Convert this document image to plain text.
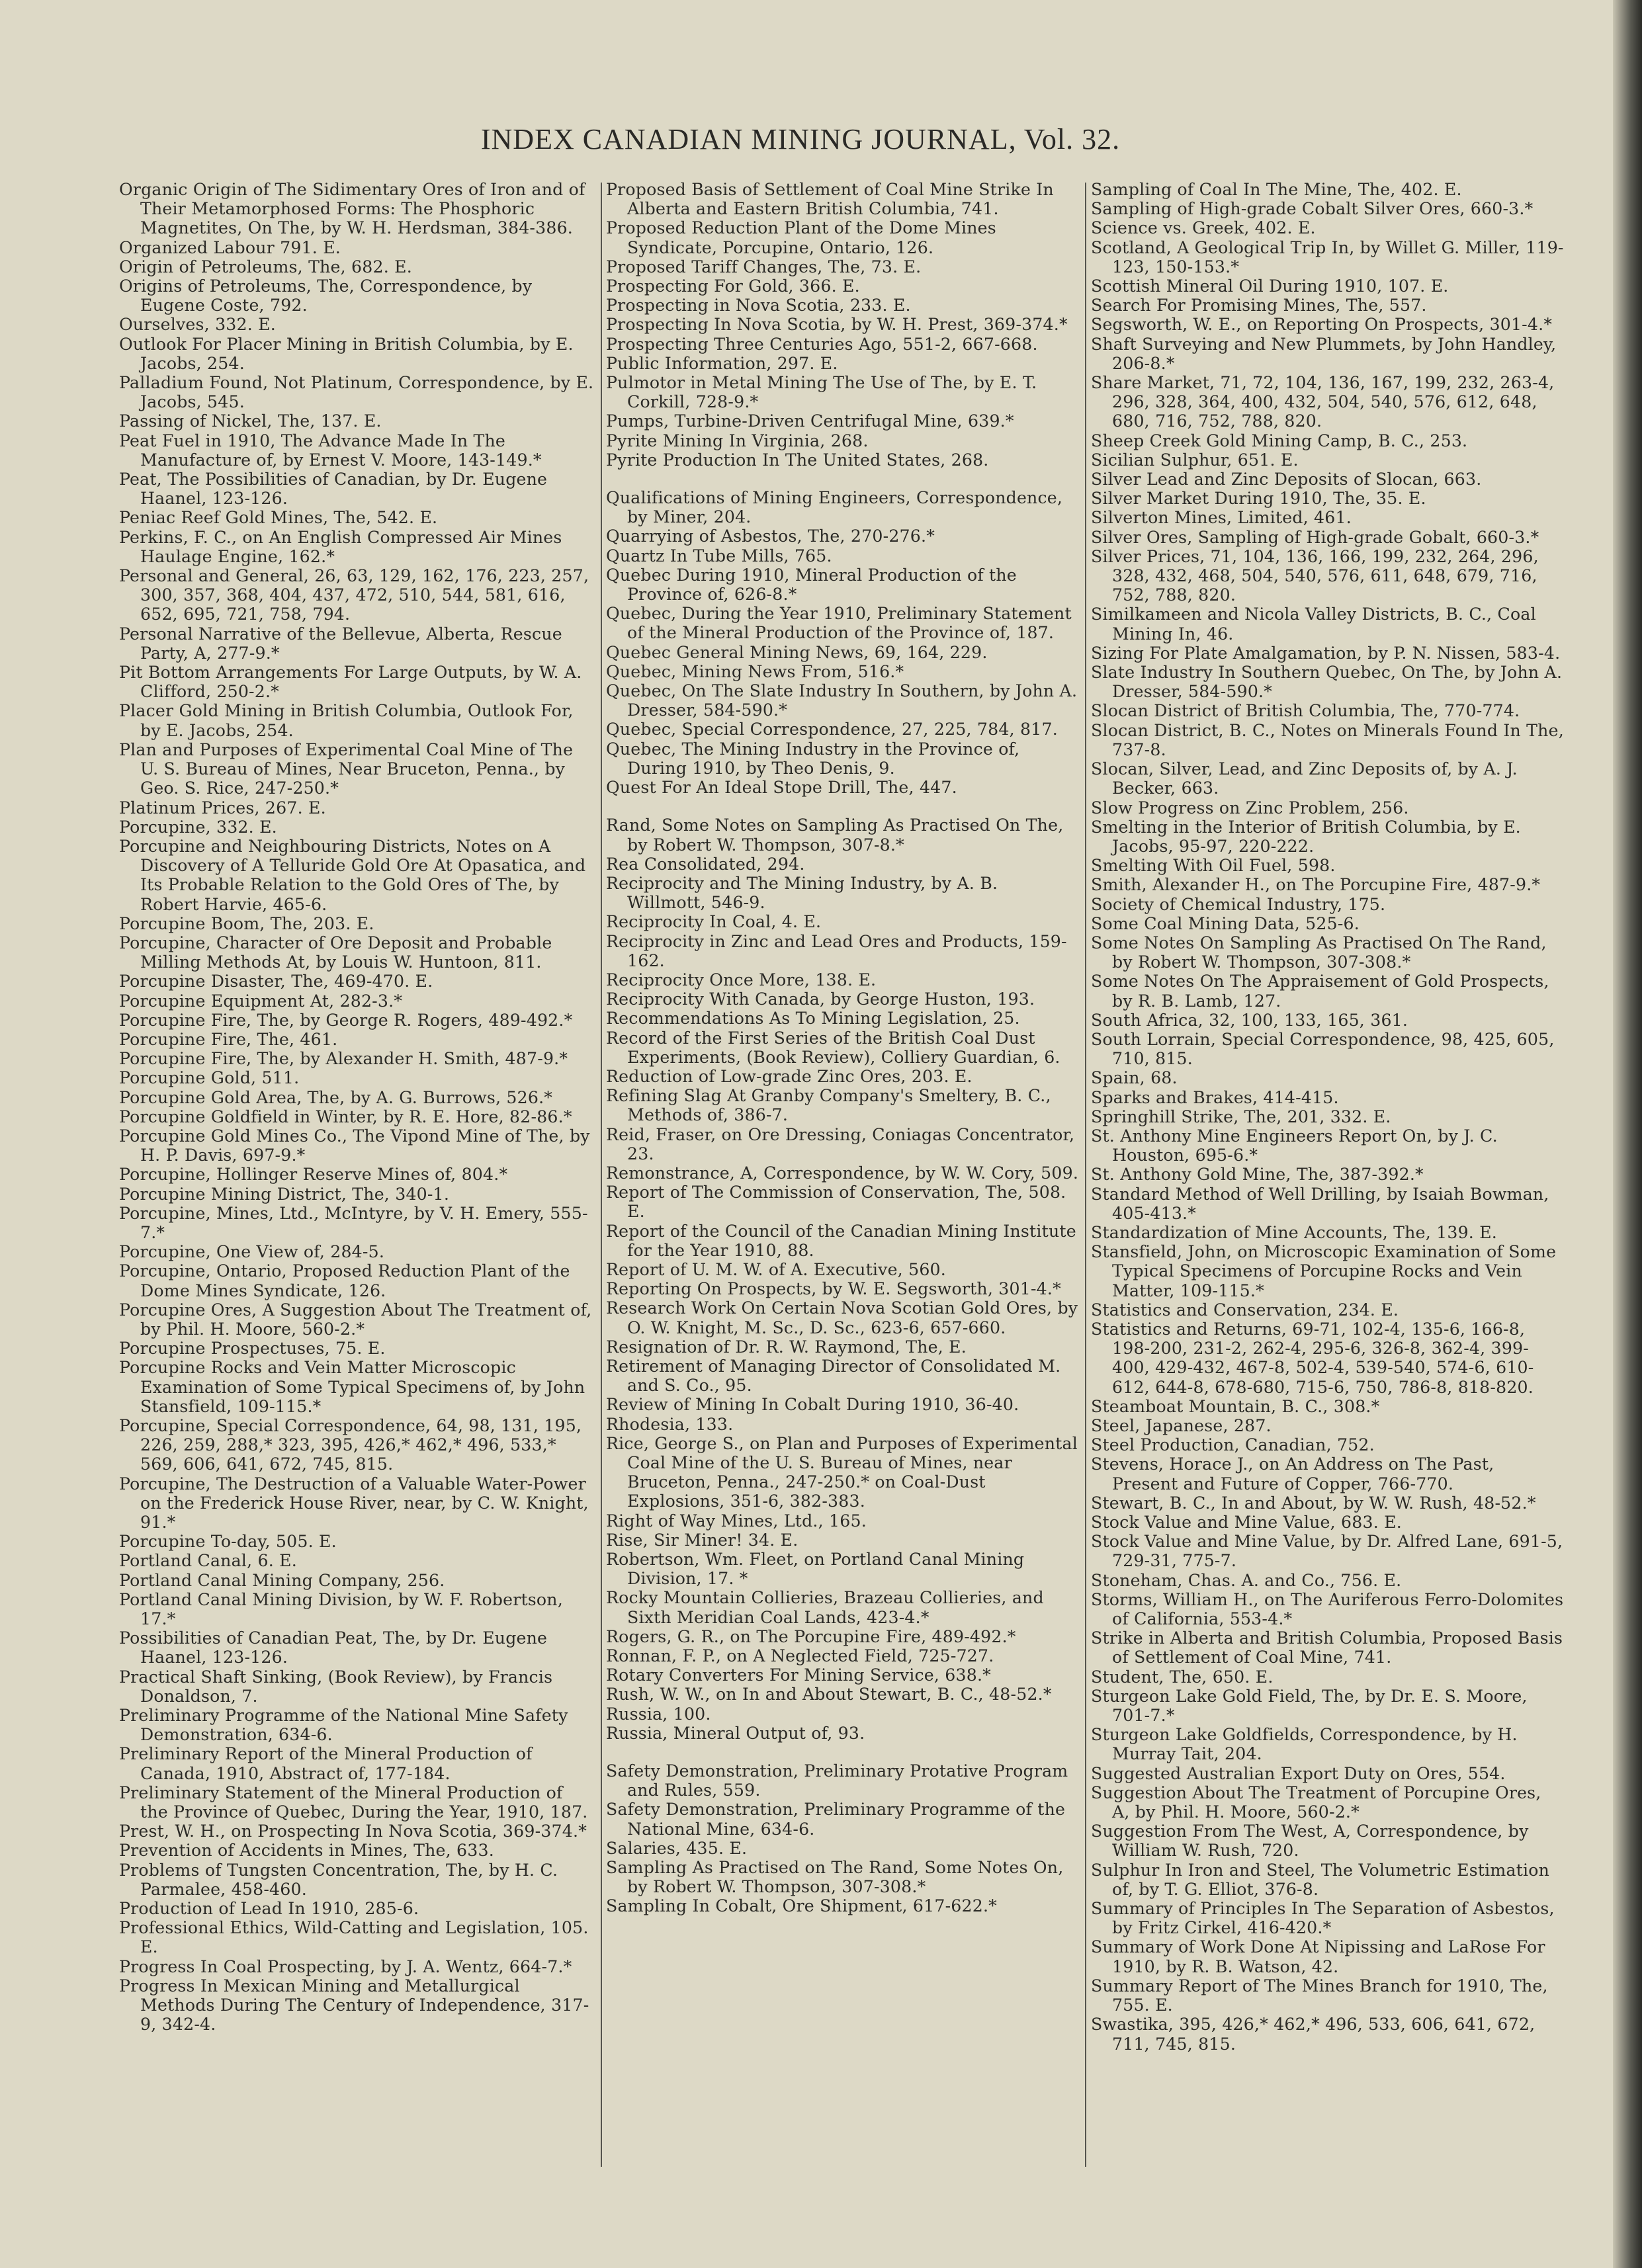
INDEX CANADIAN MINING JOURNAL, Vol. 32.

Organic Origin of The Sidimentary Ores of Iron and of Their Metamorphosed Forms: The Phosphoric Magnetites, On The, by W. H. Herdsman, 384-386.

Organized Labour 791. E.

Origin of Petroleums, The, 682. E.

Origins of Petroleums, The, Correspondence, by Eugene Coste, 792.

Ourselves, 332. E.

Outlook For Placer Mining in British Columbia, by E. Jacobs, 254.

Palladium Found, Not Platinum, Correspondence, by E. Jacobs, 545.

Passing of Nickel, The, 137. E.

Peat Fuel in 1910, The Advance Made In The Manufacture of, by Ernest V. Moore, 143-149.*

Peat, The Possibilities of Canadian, by Dr. Eugene Haanel, 123-126.

Peniac Reef Gold Mines, The, 542. E.

Perkins, F. C., on An English Compressed Air Mines Haulage Engine, 162.*

Personal and General, 26, 63, 129, 162, 176, 223, 257, 300, 357, 368, 404, 437, 472, 510, 544, 581, 616, 652, 695, 721, 758, 794.

Personal Narrative of the Bellevue, Alberta, Rescue Party, A, 277-9.*

Pit Bottom Arrangements For Large Outputs, by W. A. Clifford, 250-2.*

Placer Gold Mining in British Columbia, Outlook For, by E. Jacobs, 254.

Plan and Purposes of Experimental Coal Mine of The U. S. Bureau of Mines, Near Bruceton, Penna., by Geo. S. Rice, 247-250.*

Platinum Prices, 267. E.

Porcupine, 332. E.

Porcupine and Neighbouring Districts, Notes on A Discovery of A Telluride Gold Ore At Opasatica, and Its Probable Relation to the Gold Ores of The, by Robert Harvie, 465-6.

Porcupine Boom, The, 203. E.

Porcupine, Character of Ore Deposit and Probable Milling Methods At, by Louis W. Huntoon, 811.

Porcupine Disaster, The, 469-470. E.

Porcupine Equipment At, 282-3.*

Porcupine Fire, The, by George R. Rogers, 489-492.*

Porcupine Fire, The, 461.

Porcupine Fire, The, by Alexander H. Smith, 487-9.*

Porcupine Gold, 511.

Porcupine Gold Area, The, by A. G. Burrows, 526.*

Porcupine Goldfield in Winter, by R. E. Hore, 82-86.*

Porcupine Gold Mines Co., The Vipond Mine of The, by H. P. Davis, 697-9.*

Porcupine, Hollinger Reserve Mines of, 804.*

Porcupine Mining District, The, 340-1.

Porcupine, Mines, Ltd., McIntyre, by V. H. Emery, 555-7.*

Porcupine, One View of, 284-5.

Porcupine, Ontario, Proposed Reduction Plant of the Dome Mines Syndicate, 126.

Porcupine Ores, A Suggestion About The Treatment of, by Phil. H. Moore, 560-2.*

Porcupine Prospectuses, 75. E.

Porcupine Rocks and Vein Matter Microscopic Examination of Some Typical Specimens of, by John Stansfield, 109-115.*

Porcupine, Special Correspondence, 64, 98, 131, 195, 226, 259, 288,* 323, 395, 426,* 462,* 496, 533,* 569, 606, 641, 672, 745, 815.

Porcupine, The Destruction of a Valuable Water-Power on the Frederick House River, near, by C. W. Knight, 91.*

Porcupine To-day, 505. E.

Portland Canal, 6. E.

Portland Canal Mining Company, 256.

Portland Canal Mining Division, by W. F. Robertson, 17.*

Possibilities of Canadian Peat, The, by Dr. Eugene Haanel, 123-126.

Practical Shaft Sinking, (Book Review), by Francis Donaldson, 7.

Preliminary Programme of the National Mine Safety Demonstration, 634-6.

Preliminary Report of the Mineral Production of Canada, 1910, Abstract of, 177-184.

Preliminary Statement of the Mineral Production of the Province of Quebec, During the Year, 1910, 187.

Prest, W. H., on Prospecting In Nova Scotia, 369-374.*

Prevention of Accidents in Mines, The, 633.

Problems of Tungsten Concentration, The, by H. C. Parmalee, 458-460.

Production of Lead In 1910, 285-6.

Professional Ethics, Wild-Catting and Legislation, 105. E.

Progress In Coal Prospecting, by J. A. Wentz, 664-7.*

Progress In Mexican Mining and Metallurgical Methods During The Century of Independence, 317-9, 342-4.

Proposed Basis of Settlement of Coal Mine Strike In Alberta and Eastern British Columbia, 741.

Proposed Reduction Plant of the Dome Mines Syndicate, Porcupine, Ontario, 126.

Proposed Tariff Changes, The, 73. E.

Prospecting For Gold, 366. E.

Prospecting in Nova Scotia, 233. E.

Prospecting In Nova Scotia, by W. H. Prest, 369-374.*

Prospecting Three Centuries Ago, 551-2, 667-668.

Public Information, 297. E.

Pulmotor in Metal Mining The Use of The, by E. T. Corkill, 728-9.*

Pumps, Turbine-Driven Centrifugal Mine, 639.*

Pyrite Mining In Virginia, 268.

Pyrite Production In The United States, 268.

Qualifications of Mining Engineers, Correspondence, by Miner, 204.

Quarrying of Asbestos, The, 270-276.*

Quartz In Tube Mills, 765.

Quebec During 1910, Mineral Production of the Province of, 626-8.*

Quebec, During the Year 1910, Preliminary Statement of the Mineral Production of the Province of, 187.

Quebec General Mining News, 69, 164, 229.

Quebec, Mining News From, 516.*

Quebec, On The Slate Industry In Southern, by John A. Dresser, 584-590.*

Quebec, Special Correspondence, 27, 225, 784, 817.

Quebec, The Mining Industry in the Province of, During 1910, by Theo Denis, 9.

Quest For An Ideal Stope Drill, The, 447.

Rand, Some Notes on Sampling As Practised On The, by Robert W. Thompson, 307-8.*

Rea Consolidated, 294.

Reciprocity and The Mining Industry, by A. B. Willmott, 546-9.

Reciprocity In Coal, 4. E.

Reciprocity in Zinc and Lead Ores and Products, 159-162.

Reciprocity Once More, 138. E.

Reciprocity With Canada, by George Huston, 193.

Recommendations As To Mining Legislation, 25.

Record of the First Series of the British Coal Dust Experiments, (Book Review), Colliery Guardian, 6.

Reduction of Low-grade Zinc Ores, 203. E.

Refining Slag At Granby Company's Smeltery, B. C., Methods of, 386-7.

Reid, Fraser, on Ore Dressing, Coniagas Concentrator, 23.

Remonstrance, A, Correspondence, by W. W. Cory, 509.

Report of The Commission of Conservation, The, 508. E.

Report of the Council of the Canadian Mining Institute for the Year 1910, 88.

Report of U. M. W. of A. Executive, 560.

Reporting On Prospects, by W. E. Segsworth, 301-4.*

Research Work On Certain Nova Scotian Gold Ores, by O. W. Knight, M. Sc., D. Sc., 623-6, 657-660.

Resignation of Dr. R. W. Raymond, The, E.

Retirement of Managing Director of Consolidated M. and S. Co., 95.

Review of Mining In Cobalt During 1910, 36-40.

Rhodesia, 133.

Rice, George S., on Plan and Purposes of Experimental Coal Mine of the U. S. Bureau of Mines, near Bruceton, Penna., 247-250.* on Coal-Dust Explosions, 351-6, 382-383.

Right of Way Mines, Ltd., 165.

Rise, Sir Miner! 34. E.

Robertson, Wm. Fleet, on Portland Canal Mining Division, 17. *

Rocky Mountain Collieries, Brazeau Collieries, and Sixth Meridian Coal Lands, 423-4.*

Rogers, G. R., on The Porcupine Fire, 489-492.*

Ronnan, F. P., on A Neglected Field, 725-727.

Rotary Converters For Mining Service, 638.*

Rush, W. W., on In and About Stewart, B. C., 48-52.*

Russia, 100.

Russia, Mineral Output of, 93.

Safety Demonstration, Preliminary Protative Program and Rules, 559.

Safety Demonstration, Preliminary Programme of the National Mine, 634-6.

Salaries, 435. E.

Sampling As Practised on The Rand, Some Notes On, by Robert W. Thompson, 307-308.*

Sampling In Cobalt, Ore Shipment, 617-622.*

Sampling of Coal In The Mine, The, 402. E.

Sampling of High-grade Cobalt Silver Ores, 660-3.*

Science vs. Greek, 402. E.

Scotland, A Geological Trip In, by Willet G. Miller, 119-123, 150-153.*

Scottish Mineral Oil During 1910, 107. E.

Search For Promising Mines, The, 557.

Segsworth, W. E., on Reporting On Prospects, 301-4.*

Shaft Surveying and New Plummets, by John Handley, 206-8.*

Share Market, 71, 72, 104, 136, 167, 199, 232, 263-4, 296, 328, 364, 400, 432, 504, 540, 576, 612, 648, 680, 716, 752, 788, 820.

Sheep Creek Gold Mining Camp, B. C., 253.

Sicilian Sulphur, 651. E.

Silver Lead and Zinc Deposits of Slocan, 663.

Silver Market During 1910, The, 35. E.

Silverton Mines, Limited, 461.

Silver Ores, Sampling of High-grade Gobalt, 660-3.*

Silver Prices, 71, 104, 136, 166, 199, 232, 264, 296, 328, 432, 468, 504, 540, 576, 611, 648, 679, 716, 752, 788, 820.

Similkameen and Nicola Valley Districts, B. C., Coal Mining In, 46.

Sizing For Plate Amalgamation, by P. N. Nissen, 583-4.

Slate Industry In Southern Quebec, On The, by John A. Dresser, 584-590.*

Slocan District of British Columbia, The, 770-774.

Slocan District, B. C., Notes on Minerals Found In The, 737-8.

Slocan, Silver, Lead, and Zinc Deposits of, by A. J. Becker, 663.

Slow Progress on Zinc Problem, 256.

Smelting in the Interior of British Columbia, by E. Jacobs, 95-97, 220-222.

Smelting With Oil Fuel, 598.

Smith, Alexander H., on The Porcupine Fire, 487-9.*

Society of Chemical Industry, 175.

Some Coal Mining Data, 525-6.

Some Notes On Sampling As Practised On The Rand, by Robert W. Thompson, 307-308.*

Some Notes On The Appraisement of Gold Prospects, by R. B. Lamb, 127.

South Africa, 32, 100, 133, 165, 361.

South Lorrain, Special Correspondence, 98, 425, 605, 710, 815.

Spain, 68.

Sparks and Brakes, 414-415.

Springhill Strike, The, 201, 332. E.

St. Anthony Mine Engineers Report On, by J. C. Houston, 695-6.*

St. Anthony Gold Mine, The, 387-392.*

Standard Method of Well Drilling, by Isaiah Bowman, 405-413.*

Standardization of Mine Accounts, The, 139. E.

Stansfield, John, on Microscopic Examination of Some Typical Specimens of Porcupine Rocks and Vein Matter, 109-115.*

Statistics and Conservation, 234. E.

Statistics and Returns, 69-71, 102-4, 135-6, 166-8, 198-200, 231-2, 262-4, 295-6, 326-8, 362-4, 399-400, 429-432, 467-8, 502-4, 539-540, 574-6, 610-612, 644-8, 678-680, 715-6, 750, 786-8, 818-820.

Steamboat Mountain, B. C., 308.*

Steel, Japanese, 287.

Steel Production, Canadian, 752.

Stevens, Horace J., on An Address on The Past, Present and Future of Copper, 766-770.

Stewart, B. C., In and About, by W. W. Rush, 48-52.*

Stock Value and Mine Value, 683. E.

Stock Value and Mine Value, by Dr. Alfred Lane, 691-5, 729-31, 775-7.

Stoneham, Chas. A. and Co., 756. E.

Storms, William H., on The Auriferous Ferro-Dolomites of California, 553-4.*

Strike in Alberta and British Columbia, Proposed Basis of Settlement of Coal Mine, 741.

Student, The, 650. E.

Sturgeon Lake Gold Field, The, by Dr. E. S. Moore, 701-7.*

Sturgeon Lake Goldfields, Correspondence, by H. Murray Tait, 204.

Suggested Australian Export Duty on Ores, 554.

Suggestion About The Treatment of Porcupine Ores, A, by Phil. H. Moore, 560-2.*

Suggestion From The West, A, Correspondence, by William W. Rush, 720.

Sulphur In Iron and Steel, The Volumetric Estimation of, by T. G. Elliot, 376-8.

Summary of Principles In The Separation of Asbestos, by Fritz Cirkel, 416-420.*

Summary of Work Done At Nipissing and LaRose For 1910, by R. B. Watson, 42.

Summary Report of The Mines Branch for 1910, The, 755. E.

Swastika, 395, 426,* 462,* 496, 533, 606, 641, 672, 711, 745, 815.
